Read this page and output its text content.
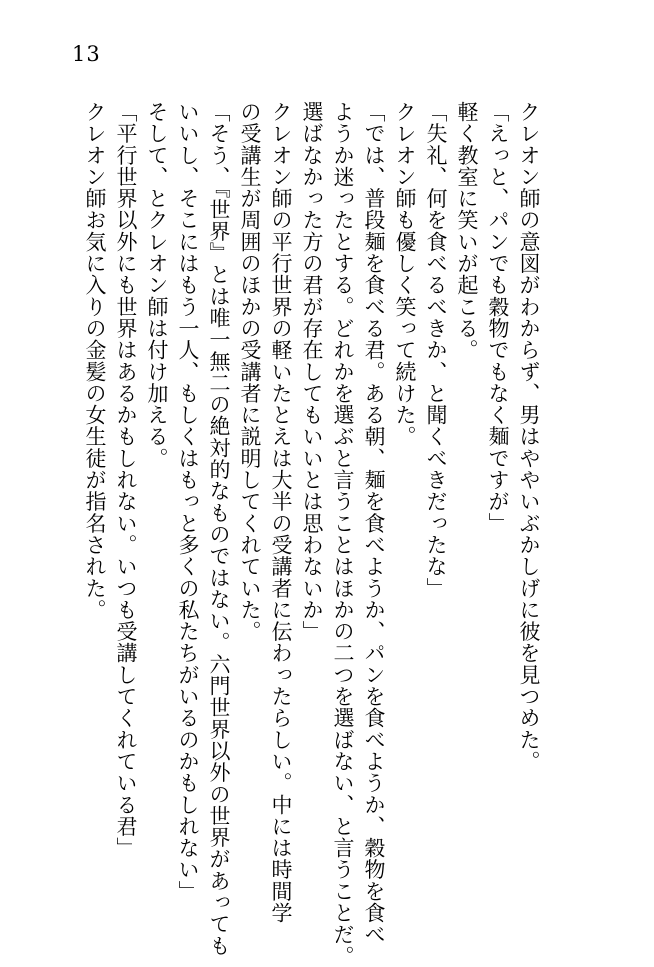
13
クレオン師の意図がわからず、男はややいぶかしげに彼を見つめた。
「えっと、パンでも穀物でもなく麺ですが」
軽く教室に笑いが起こる。
「失礼、何を食べるべきか、と聞くべきだったな」
クレオン師も優しく笑って続けた。
「では、普段麺を食べる君。ある朝、麺を食べようか、パンを食べようか、穀物を食べ
ようか迷ったとする。どれかを選ぶと言うことはほかの二つを選ばない、と言うことだ。
選ばなかった方の君が存在してもいいとは思わないか」
クレオン師の平行世界の軽いたとえは大半の受講者に伝わったらしい。中には時間学
の受講生が周囲のほかの受講者に説明してくれていた。
「そう、『世界』とは唯一無二の絶対的なものではない。六門世界以外の世界があっても
いいし、そこにはもう一人、もしくはもっと多くの私たちがいるのかもしれない」
そして、とクレオン師は付け加える。
「平行世界以外にも世界はあるかもしれない。いつも受講してくれている君」
クレオン師お気に入りの金髪の女生徒が指名された。
